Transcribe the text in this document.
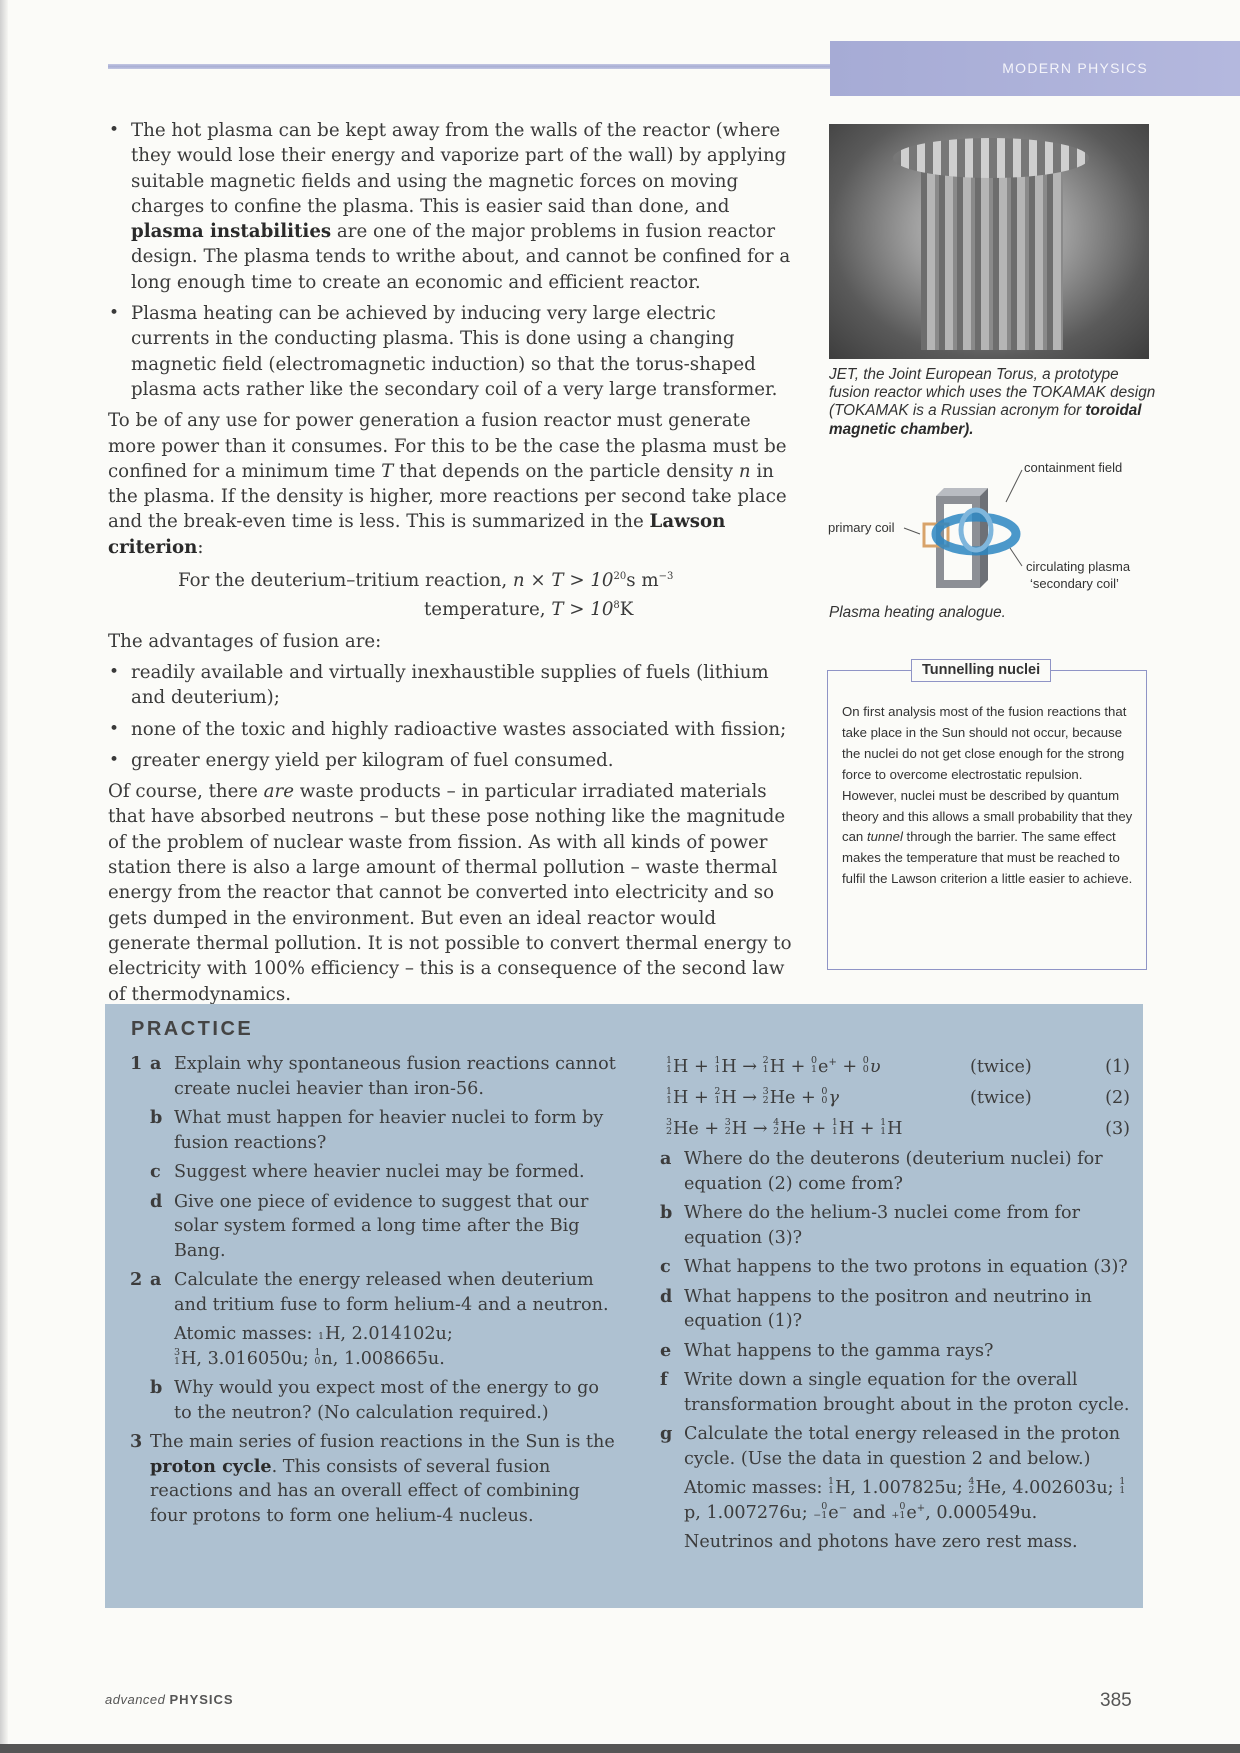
MODERN PHYSICS
• The hot plasma can be kept away from the walls of the reactor (where they would lose their energy and vaporize part of the wall) by applying suitable magnetic fields and using the magnetic forces on moving charges to confine the plasma. This is easier said than done, and plasma instabilities are one of the major problems in fusion reactor design. The plasma tends to writhe about, and cannot be confined for a long enough time to create an economic and efficient reactor.
• Plasma heating can be achieved by inducing very large electric currents in the conducting plasma. This is done using a changing magnetic field (electromagnetic induction) so that the torus-shaped plasma acts rather like the secondary coil of a very large transformer.

To be of any use for power generation a fusion reactor must generate more power than it consumes. For this to be the case the plasma must be confined for a minimum time T that depends on the particle density n in the plasma. If the density is higher, more reactions per second take place and the break-even time is less. This is summarized in the Lawson criterion:

For the deuterium–tritium reaction, $n \times T > 10^{20}s$ $m^{-3}$
temperature, $T > 10^8K$

The advantages of fusion are:

• readily available and virtually inexhaustible supplies of fuels (lithium and deuterium);
• none of the toxic and highly radioactive wastes associated with fission;
• greater energy yield per kilogram of fuel consumed.

Of course, there are waste products – in particular irradiated materials that have absorbed neutrons – but these pose nothing like the magnitude of the problem of nuclear waste from fission. As with all kinds of power station there is also a large amount of thermal pollution – waste thermal energy from the reactor that cannot be converted into electricity and so gets dumped in the environment. But even an ideal reactor would generate thermal pollution. It is not possible to convert thermal energy to electricity with 100% efficiency – this is a consequence of the second law of thermodynamics.

JET, the Joint European Torus, a prototype fusion reactor which uses the TOKAMAK design (TOKAMAK is a Russian acronym for toroidal magnetic chamber).
containment field
primary coil
circulating plasma
‘secondary coil’
Plasma heating analogue.
Tunnelling nuclei

On first analysis most of the fusion reactions that take place in the Sun should not occur, because the nuclei do not get close enough for the strong force to overcome electrostatic repulsion. However, nuclei must be described by quantum theory and this allows a small probability that they can tunnel through the barrier. The same effect makes the temperature that must be reached to fulfil the Lawson criterion a little easier to achieve.

PRACTICE
1 a Explain why spontaneous fusion reactions cannot create nuclei heavier than iron-56.
b What must happen for heavier nuclei to form by fusion reactions?
c Suggest where heavier nuclei may be formed.
d Give one piece of evidence to suggest that our solar system formed a long time after the Big Bang.
2 a Calculate the energy released when deuterium and tritium fuse to form helium-4 and a neutron.
Atomic masses:
1 H, 2.014102u;

3
1 H, 3.016050u; 1
0 n, 1.008665u.
b Why would you expect most of the energy to go to the neutron? (No calculation required.)
3 The main series of fusion reactions in the Sun is the proton cycle. This consists of several fusion reactions and has an overall effect of combining four protons to form one helium-4 nucleus.
1
1 H + 1
1 H → 2
1 H + 0
1 e+ + 0
0 υ	(twice)	(1)
1
1 H + 2
1 H → 3
2 He + 0
0 γ	(twice)	(2)
3
2 He + 3
2 H → 4
2 He + 1
1 H + 1
1 H	(3)
a Where do the deuterons (deuterium nuclei) for equation (2) come from?
b Where do the helium-3 nuclei come from for equation (3)?
c What happens to the two protons in equation (3)?
d What happens to the positron and neutrino in equation (1)?
e What happens to the gamma rays?
f Write down a single equation for the overall transformation brought about in the proton cycle.
g Calculate the total energy released in the proton cycle. (Use the data in question 2 and below.)
Atomic masses: 1
1 H, 1.007825u; 4
2 He, 4.002603u; 1
1
p, 1.007276u; 0
−1 e− and 0
+1 e+, 0.000549u.
Neutrinos and photons have zero rest mass.
advanced PHYSICS	385
